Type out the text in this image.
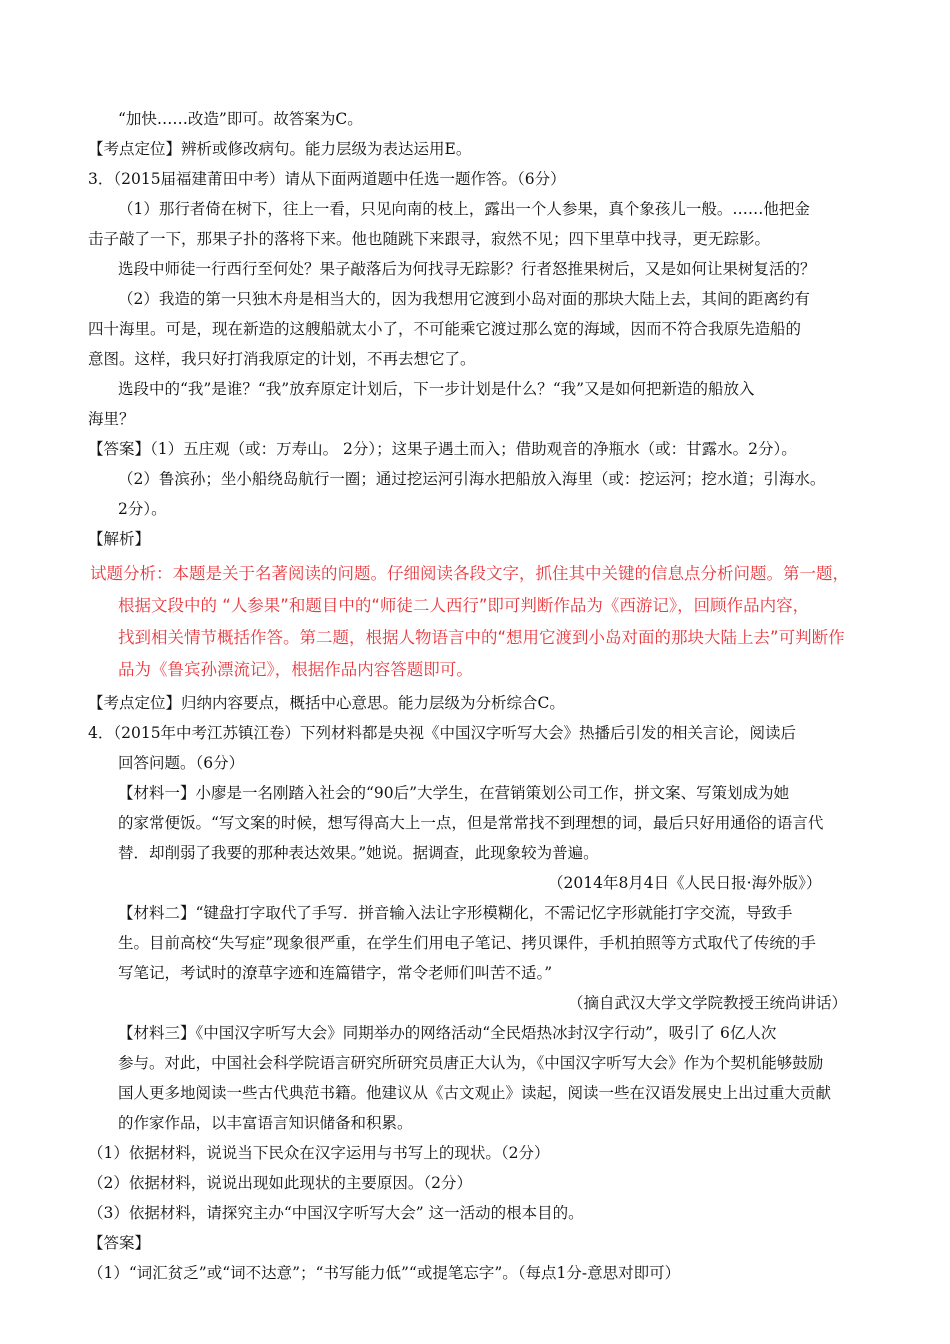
“加快……改造”即可。故答案为C。
【考点定位】辨析或修改病句。能力层级为表达运用E。
3．（2015届福建莆田中考）请从下面两道题中任选一题作答。（6分）
（1）那行者倚在树下，往上一看，只见向南的枝上，露出一个人参果，真个象孩儿一般。……他把金
击子敲了一下，那果子扑的落将下来。他也随跳下来跟寻，寂然不见；四下里草中找寻，更无踪影。
选段中师徒一行西行至何处？果子敲落后为何找寻无踪影？行者怒推果树后，又是如何让果树复活的？
（2）我造的第一只独木舟是相当大的，因为我想用它渡到小岛对面的那块大陆上去，其间的距离约有
四十海里。可是，现在新造的这艘船就太小了，不可能乘它渡过那么宽的海域，因而不符合我原先造船的
意图。这样，我只好打消我原定的计划，不再去想它了。
选段中的“我”是谁？“我”放弃原定计划后，下一步计划是什么？“我”又是如何把新造的船放入
海里？
【答案】（1）五庄观（或：万寿山。 2分）；这果子遇土而入；借助观音的净瓶水（或：甘露水。2分）。
（2）鲁滨孙；坐小船绕岛航行一圈；通过挖运河引海水把船放入海里（或：挖运河；挖水道；引海水。
2分）。
【解析】
试题分析：本题是关于名著阅读的问题。仔细阅读各段文字，抓住其中关键的信息点分析问题。第一题，
根据文段中的 “人参果”和题目中的“师徒二人西行”即可判断作品为《西游记》，回顾作品内容，
找到相关情节概括作答。第二题，根据人物语言中的“想用它渡到小岛对面的那块大陆上去”可判断作
品为《鲁宾孙漂流记》，根据作品内容答题即可。
【考点定位】归纳内容要点，概括中心意思。能力层级为分析综合C。
4．（2015年中考江苏镇江卷）下列材料都是央视《中国汉字听写大会》热播后引发的相关言论，阅读后
回答问题。（6分）
【材料一】小廖是一名刚踏入社会的“90后”大学生，在营销策划公司工作，拼文案、写策划成为她
的家常便饭。“写文案的时候，想写得高大上一点，但是常常找不到理想的词，最后只好用通俗的语言代
替．却削弱了我要的那种表达效果。”她说。据调查，此现象较为普遍。
（2014年8月4日《人民日报·海外版》）
【材料二】“键盘打字取代了手写．拼音输入法让字形模糊化，不需记忆字形就能打字交流，导致手
生。目前高校“失写症”现象很严重，在学生们用电子笔记、拷贝课件，手机拍照等方式取代了传统的手
写笔记，考试时的潦草字迹和连篇错字，常令老师们叫苦不适。”
（摘自武汉大学文学院教授王统尚讲话）
【材料三】《中国汉字听写大会》同期举办的网络活动“全民焐热冰封汉字行动”，吸引了 6亿人次
参与。对此，中国社会科学院语言研究所研究员唐正大认为，《中国汉字听写大会》作为个契机能够鼓励
国人更多地阅读一些古代典范书籍。他建议从《古文观止》读起，阅读一些在汉语发展史上出过重大贡献
的作家作品，以丰富语言知识储备和积累。
（1）依据材料，说说当下民众在汉字运用与书写上的现状。（2分）
（2）依据材料，说说出现如此现状的主要原因。（2分）
（3）依据材料，请探究主办“中国汉字听写大会” 这一活动的根本目的。
【答案】
（1）“词汇贫乏”或“词不达意”；“书写能力低”“或提笔忘字”。（每点1分-意思对即可）
